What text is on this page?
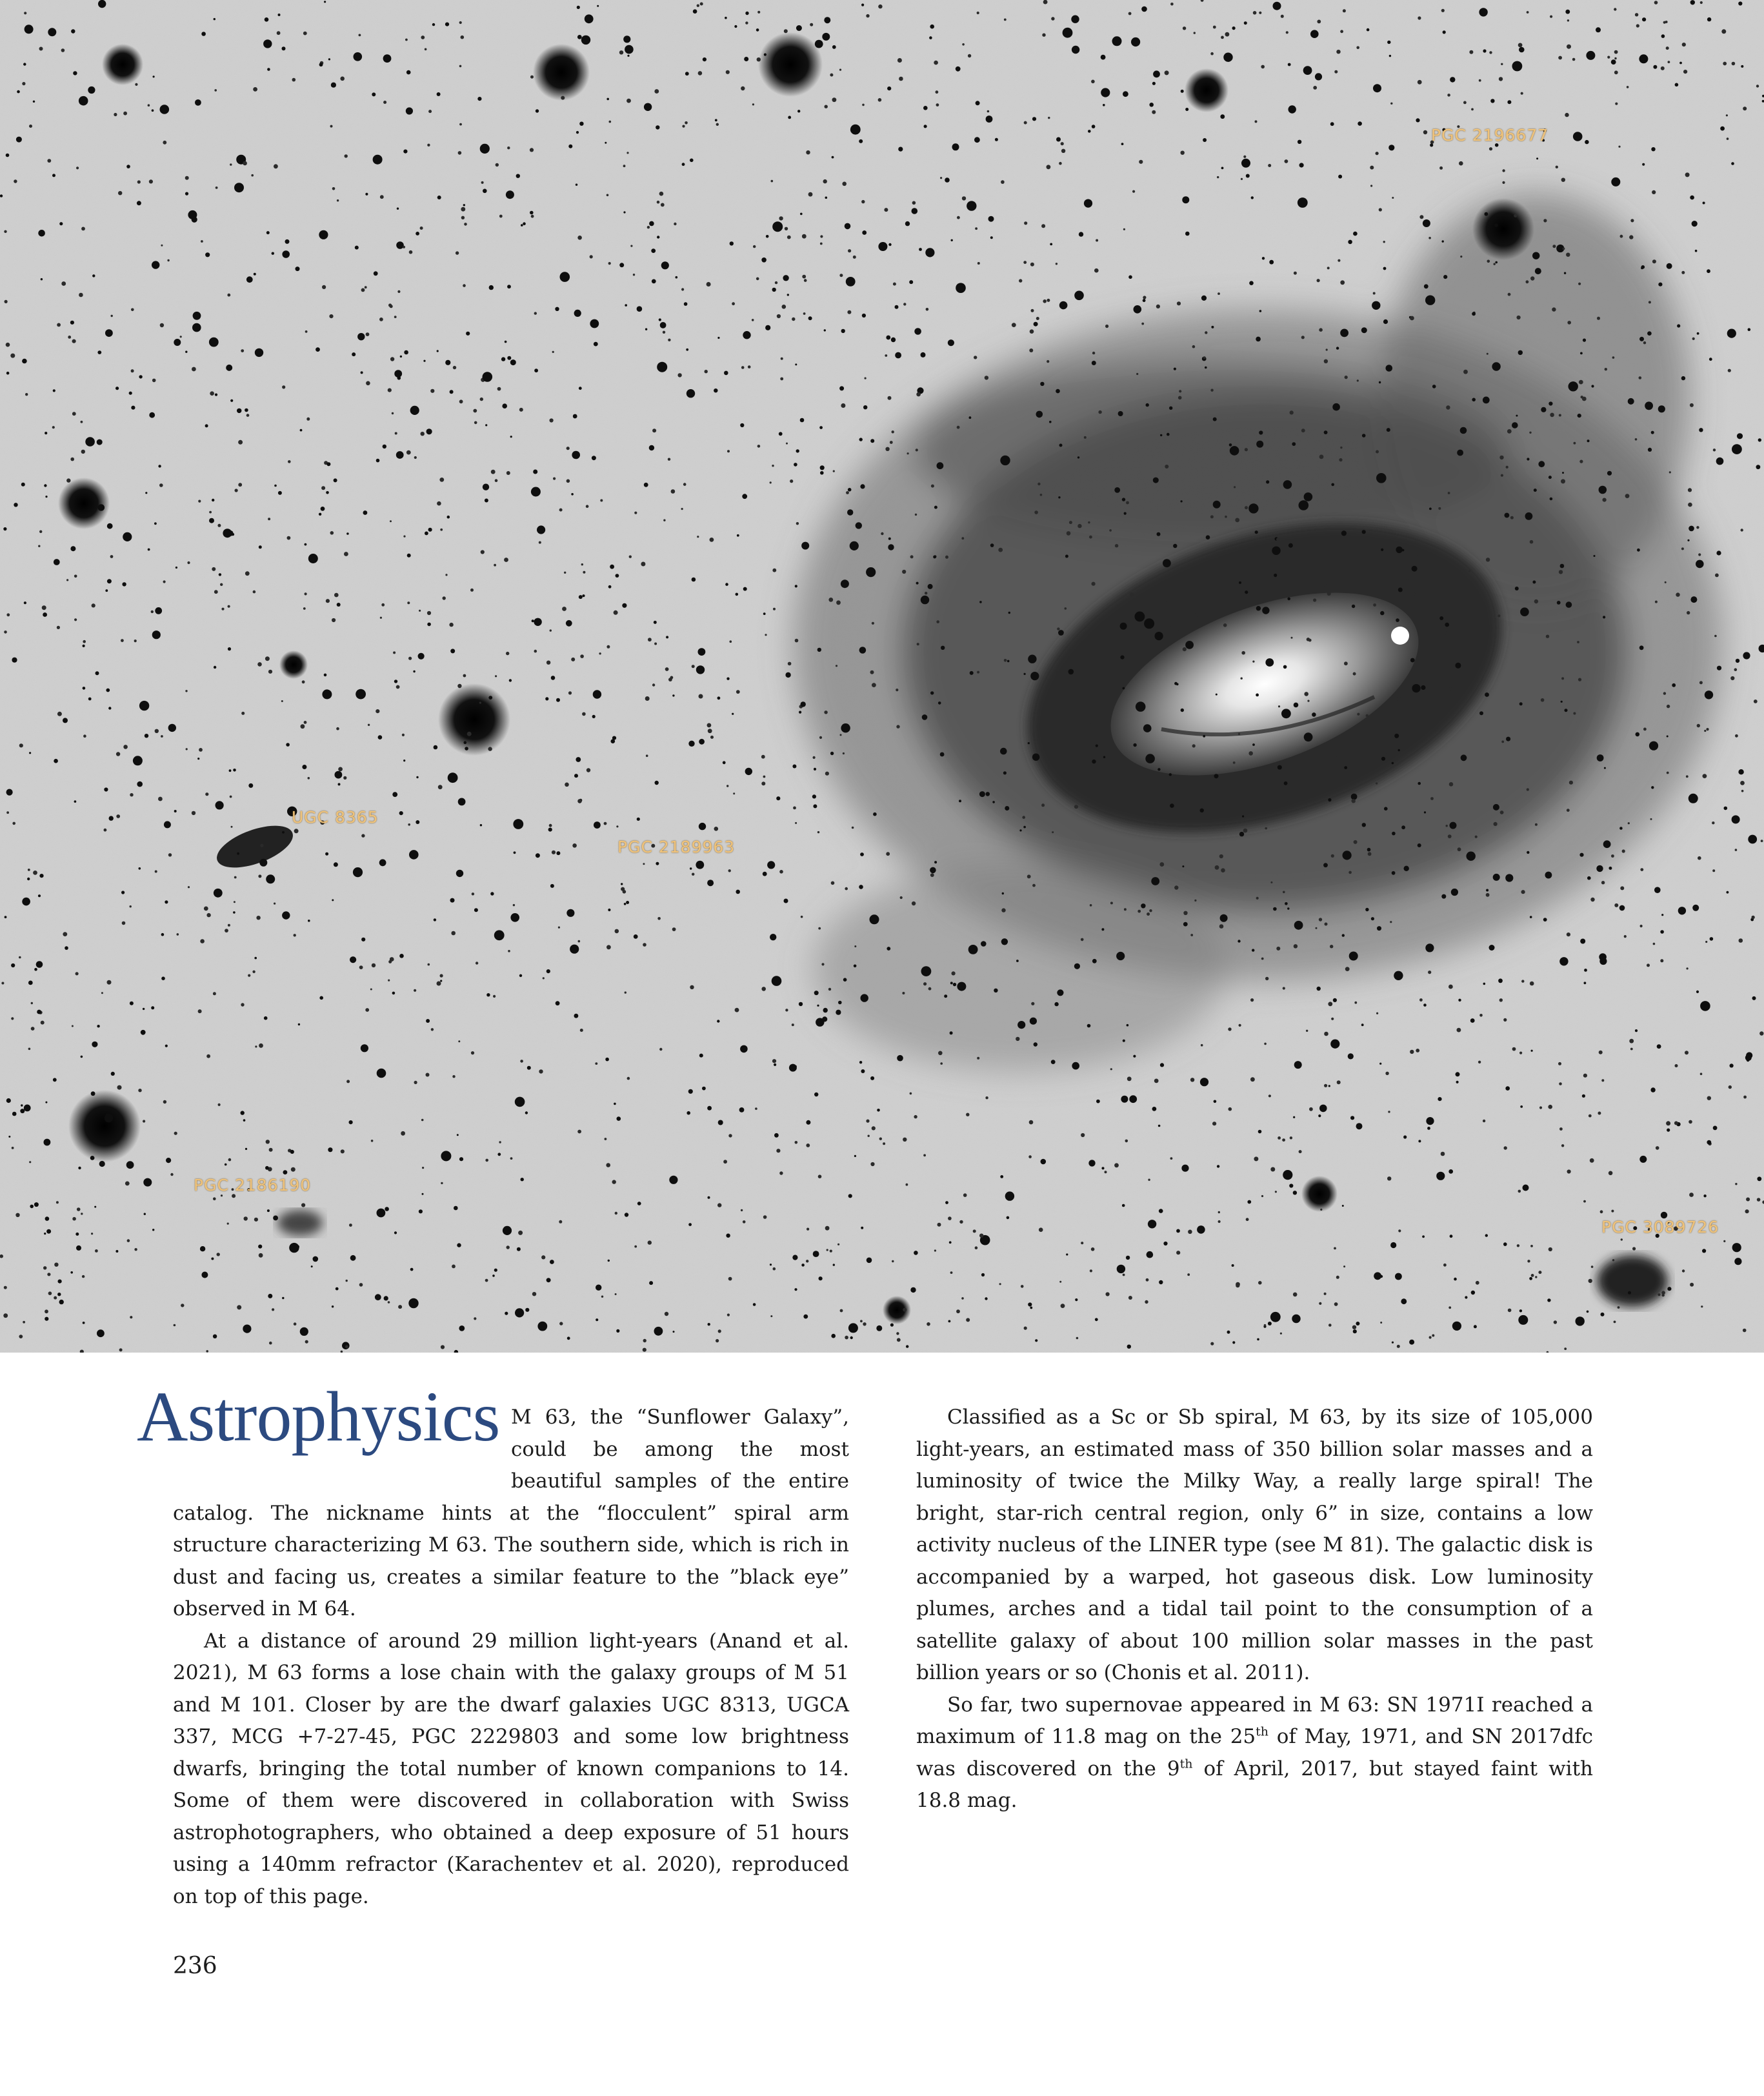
PGC 2196677
UGC 8365
PGC 2189963
PGC 2186190
PGC 3089726
Astrophysics M 63, the “Sunflower Galaxy”, could be among the most beautiful samples of the entire catalog. The nickname hints at the “flocculent” spiral arm structure characterizing M 63. The southern side, which is rich in dust and facing us, creates a similar feature to the ”black eye” observed in M 64.

At a distance of around 29 million light-years (Anand et al. 2021), M 63 forms a lose chain with the galaxy groups of M 51 and M 101. Closer by are the dwarf galaxies UGC 8313, UGCA 337, MCG +7-27-45, PGC 2229803 and some low brightness dwarfs, bringing the total number of known companions to 14. Some of them were discovered in collaboration with Swiss astrophotographers, who obtained a deep exposure of 51 hours using a 140mm refractor (Karachentev et al. 2020), reproduced on top of this page.

Classified as a Sc or Sb spiral, M 63, by its size of 105,000 light-years, an estimated mass of 350 billion solar masses and a luminosity of twice the Milky Way, a really large spiral! The bright, star-rich central region, only 6” in size, contains a low activity nucleus of the LINER type (see M 81). The galactic disk is accompanied by a warped, hot gaseous disk. Low luminosity plumes, arches and a tidal tail point to the consumption of a satellite galaxy of about 100 million solar masses in the past billion years or so (Chonis et al. 2011).

So far, two supernovae appeared in M 63: SN 1971I reached a maximum of 11.8 mag on the 25th of May, 1971, and SN 2017dfc was discovered on the 9th of April, 2017, but stayed faint with 18.8 mag.

236
